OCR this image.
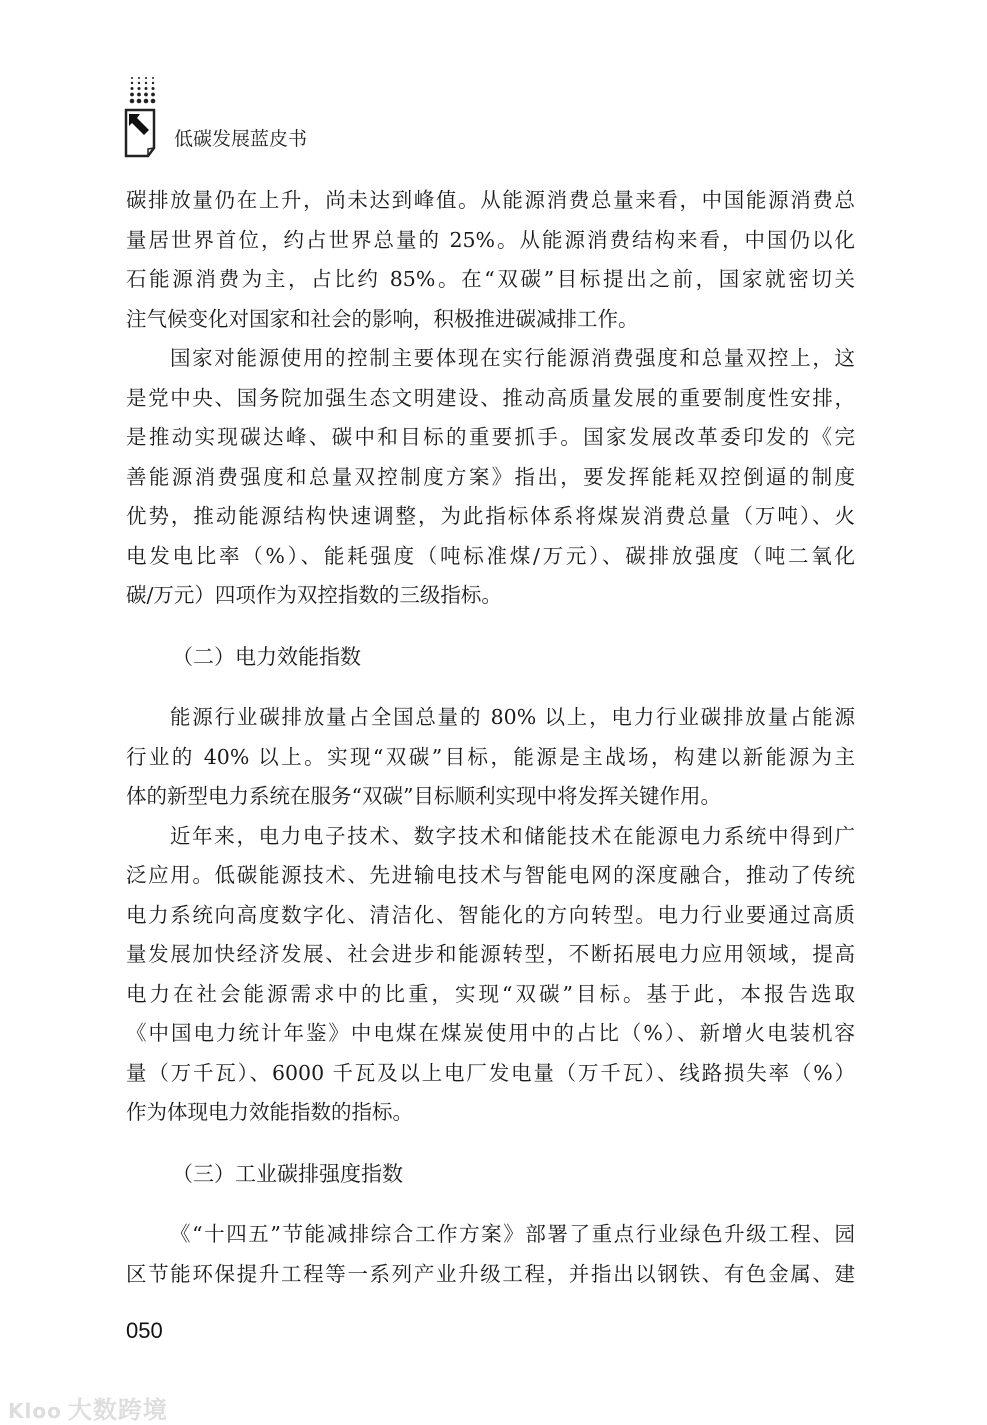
低碳发展蓝皮书
碳排放量仍在上升，尚未达到峰值。从能源消费总量来看，中国能源消费总
量居世界首位，约占世界总量的 25%。从能源消费结构来看，中国仍以化
石能源消费为主，占比约 85%。在“双碳”目标提出之前，国家就密切关
注气候变化对国家和社会的影响，积极推进碳减排工作。
国家对能源使用的控制主要体现在实行能源消费强度和总量双控上，这
是党中央、国务院加强生态文明建设、推动高质量发展的重要制度性安排，
是推动实现碳达峰、碳中和目标的重要抓手。国家发展改革委印发的《完
善能源消费强度和总量双控制度方案》指出，要发挥能耗双控倒逼的制度
优势，推动能源结构快速调整，为此指标体系将煤炭消费总量（万吨）、火
电发电比率（%）、能耗强度（吨标准煤/万元）、碳排放强度（吨二氧化
碳/万元）四项作为双控指数的三级指标。
（二）电力效能指数
能源行业碳排放量占全国总量的 80% 以上，电力行业碳排放量占能源
行业的 40% 以上。实现“双碳”目标，能源是主战场，构建以新能源为主
体的新型电力系统在服务“双碳”目标顺利实现中将发挥关键作用。
近年来，电力电子技术、数字技术和储能技术在能源电力系统中得到广
泛应用。低碳能源技术、先进输电技术与智能电网的深度融合，推动了传统
电力系统向高度数字化、清洁化、智能化的方向转型。电力行业要通过高质
量发展加快经济发展、社会进步和能源转型，不断拓展电力应用领域，提高
电力在社会能源需求中的比重，实现“双碳”目标。基于此，本报告选取
《中国电力统计年鉴》中电煤在煤炭使用中的占比（%）、新增火电装机容
量（万千瓦）、6000 千瓦及以上电厂发电量（万千瓦）、线路损失率（%）
作为体现电力效能指数的指标。
（三）工业碳排强度指数
《“十四五”节能减排综合工作方案》部署了重点行业绿色升级工程、园
区节能环保提升工程等一系列产业升级工程，并指出以钢铁、有色金属、建
050
Kloo 大数跨境
